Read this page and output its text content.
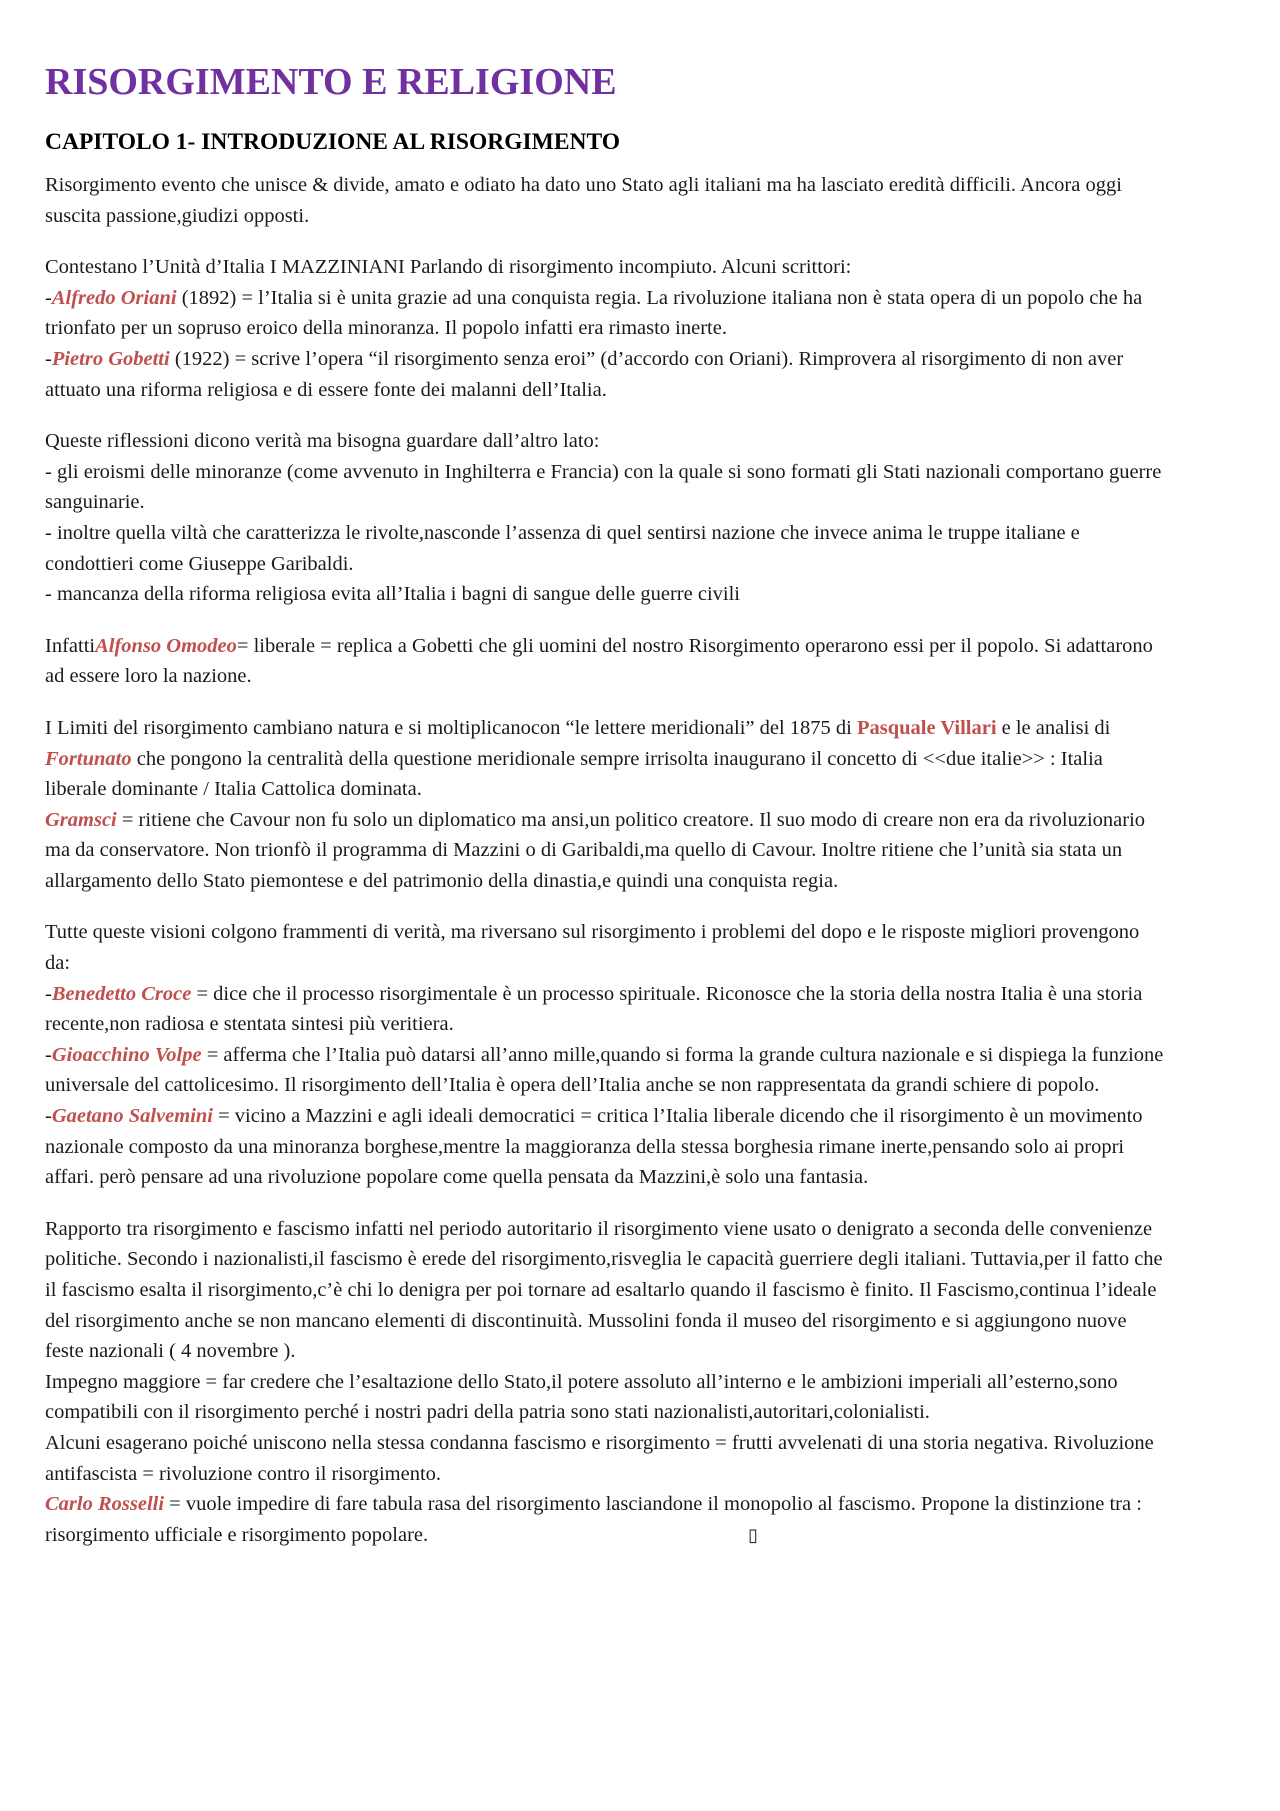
RISORGIMENTO E RELIGIONE
CAPITOLO 1- INTRODUZIONE AL RISORGIMENTO

Risorgimento evento che unisce & divide, amato e odiato ha dato uno Stato agli italiani ma ha lasciato eredità difficili. Ancora oggi suscita passione,giudizi opposti.

Contestano l’Unità d’Italia I MAZZINIANI Parlando di risorgimento incompiuto. Alcuni scrittori:
-Alfredo Oriani (1892) = l’Italia si è unita grazie ad una conquista regia. La rivoluzione italiana non è stata opera di un popolo che ha trionfato per un sopruso eroico della minoranza. Il popolo infatti era rimasto inerte.
-Pietro Gobetti (1922) = scrive l’opera “il risorgimento senza eroi” (d’accordo con Oriani). Rimprovera al risorgimento di non aver attuato una riforma religiosa e di essere fonte dei malanni dell’Italia.

Queste riflessioni dicono verità ma bisogna guardare dall’altro lato:
- gli eroismi delle minoranze (come avvenuto in Inghilterra e Francia) con la quale si sono formati gli Stati nazionali comportano guerre sanguinarie.
- inoltre quella viltà che caratterizza le rivolte,nasconde l’assenza di quel sentirsi nazione che invece anima le truppe italiane e condottieri come Giuseppe Garibaldi.
- mancanza della riforma religiosa evita all’Italia i bagni di sangue delle guerre civili

InfattiAlfonso Omodeo= liberale = replica a Gobetti che gli uomini del nostro Risorgimento operarono essi per il popolo. Si adattarono ad essere loro la nazione.

I Limiti del risorgimento cambiano natura e si moltiplicanocon “le lettere meridionali” del 1875 di Pasquale Villari e le analisi di Fortunato che pongono la centralità della questione meridionale sempre irrisolta inaugurano il concetto di <<due italie>> : Italia liberale dominante / Italia Cattolica dominata.
Gramsci = ritiene che Cavour non fu solo un diplomatico ma ansi,un politico creatore. Il suo modo di creare non era da rivoluzionario ma da conservatore. Non trionfò il programma di Mazzini o di Garibaldi,ma quello di Cavour. Inoltre ritiene che l’unità sia stata un allargamento dello Stato piemontese e del patrimonio della dinastia,e quindi una conquista regia.

Tutte queste visioni colgono frammenti di verità, ma riversano sul risorgimento i problemi del dopo e le risposte migliori provengono da:
-Benedetto Croce = dice che il processo risorgimentale è un processo spirituale. Riconosce che la storia della nostra Italia è una storia recente,non radiosa e stentata sintesi più veritiera.
-Gioacchino Volpe = afferma che l’Italia può datarsi all’anno mille,quando si forma la grande cultura nazionale e si dispiega la funzione universale del cattolicesimo. Il risorgimento dell’Italia è opera dell’Italia anche se non rappresentata da grandi schiere di popolo.
-Gaetano Salvemini = vicino a Mazzini e agli ideali democratici = critica l’Italia liberale dicendo che il risorgimento è un movimento nazionale composto da una minoranza borghese,mentre la maggioranza della stessa borghesia rimane inerte,pensando solo ai propri affari. però pensare ad una rivoluzione popolare come quella pensata da Mazzini,è solo una fantasia.

Rapporto tra risorgimento e fascismo infatti nel periodo autoritario il risorgimento viene usato o denigrato a seconda delle convenienze politiche. Secondo i nazionalisti,il fascismo è erede del risorgimento,risveglia le capacità guerriere degli italiani. Tuttavia,per il fatto che il fascismo esalta il risorgimento,c’è chi lo denigra per poi tornare ad esaltarlo quando il fascismo è finito. Il Fascismo,continua l’ideale del risorgimento anche se non mancano elementi di discontinuità. Mussolini fonda il museo del risorgimento e si aggiungono nuove feste nazionali ( 4 novembre ).
Impegno maggiore = far credere che l’esaltazione dello Stato,il potere assoluto all’interno e le ambizioni imperiali all’esterno,sono compatibili con il risorgimento perché i nostri padri della patria sono stati nazionalisti,autoritari,colonialisti.
Alcuni esagerano poiché uniscono nella stessa condanna fascismo e risorgimento = frutti avvelenati di una storia negativa. Rivoluzione antifascista = rivoluzione contro il risorgimento.
Carlo Rosselli = vuole impedire di fare tabula rasa del risorgimento lasciandone il monopolio al fascismo. Propone la distinzione tra : risorgimento ufficiale e risorgimento popolare.	▯
